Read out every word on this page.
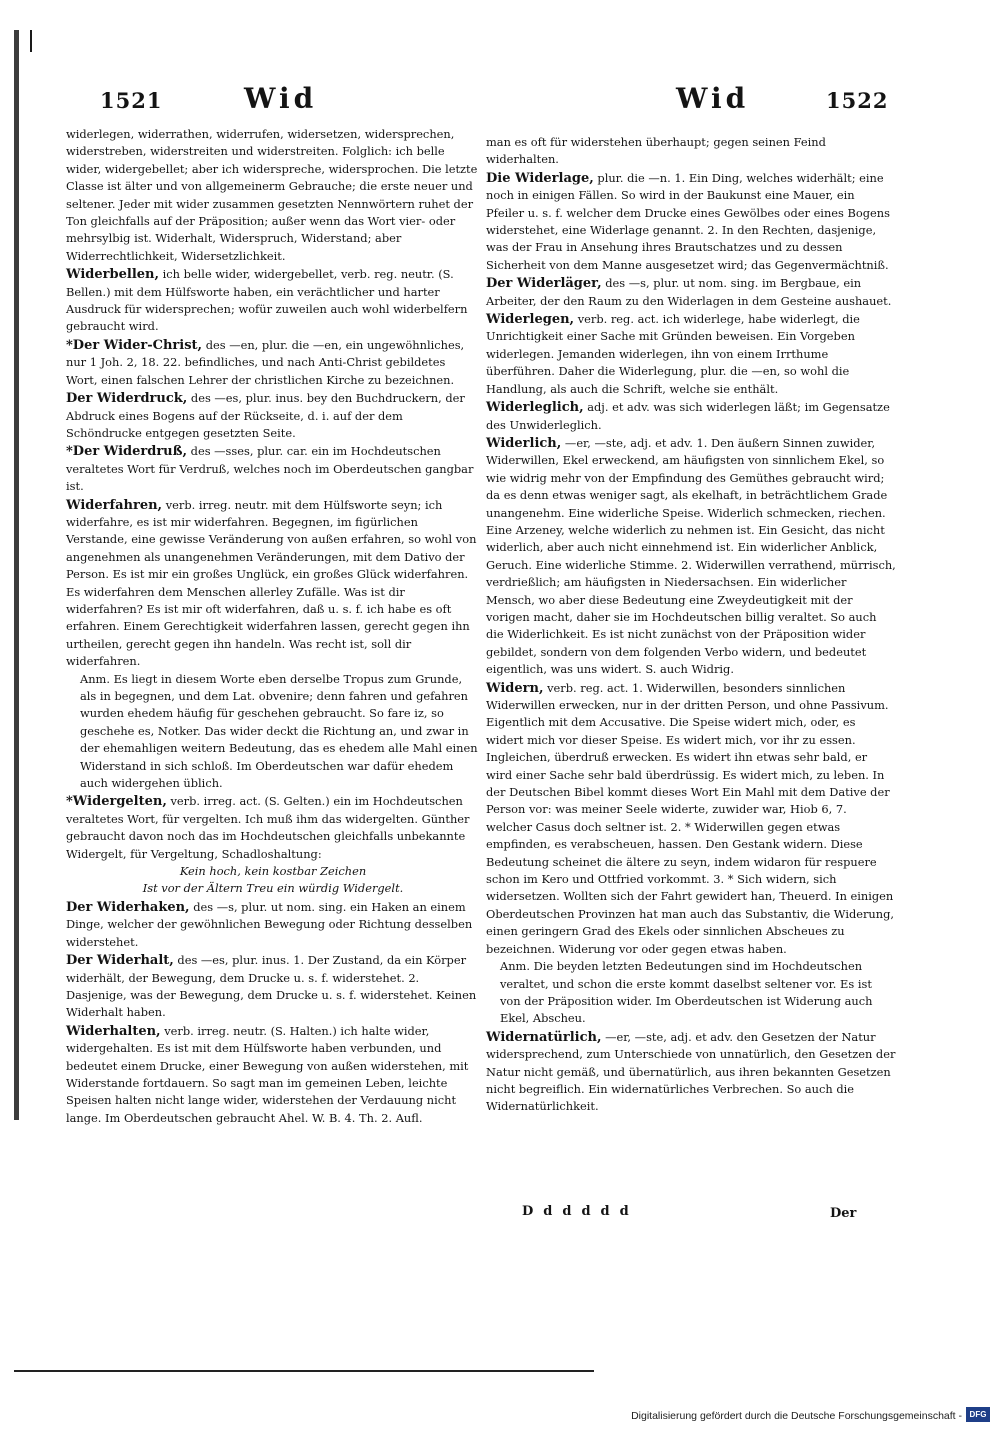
1521	Wid	Wid	1522

widerlegen, widerrathen, widerrufen, widersetzen, widersprechen, widerstreben, widerstreiten und widerstreiten. Folglich: ich belle wider, widergebellet; aber ich widerspreche, widersprochen. Die letzte Classe ist älter und von allgemeinerm Gebrauche; die erste neuer und seltener. Jeder mit wider zusammen gesetzten Nennwörtern ruhet der Ton gleichfalls auf der Präposition; außer wenn das Wort vier- oder mehrsylbig ist. Widerhalt, Widerspruch, Widerstand; aber Widerrechtlichkeit, Widersetzlichkeit.

Widerbellen, ich belle wider, widergebellet, verb. reg. neutr. (S. Bellen.) mit dem Hülfsworte haben, ein verächtlicher und harter Ausdruck für widersprechen; wofür zuweilen auch wohl widerbelfern gebraucht wird.

*Der Wider-Christ, des —en, plur. die —en, ein ungewöhnliches, nur 1 Joh. 2, 18. 22. befindliches, und nach Anti-Christ gebildetes Wort, einen falschen Lehrer der christlichen Kirche zu bezeichnen.

Der Widerdruck, des —es, plur. inus. bey den Buchdruckern, der Abdruck eines Bogens auf der Rückseite, d. i. auf der dem Schöndrucke entgegen gesetzten Seite.

*Der Widerdruß, des —sses, plur. car. ein im Hochdeutschen veraltetes Wort für Verdruß, welches noch im Oberdeutschen gangbar ist.

Widerfahren, verb. irreg. neutr. mit dem Hülfsworte seyn; ich widerfahre, es ist mir widerfahren. Begegnen, im figürlichen Verstande, eine gewisse Veränderung von außen erfahren, so wohl von angenehmen als unangenehmen Veränderungen, mit dem Dativo der Person. Es ist mir ein großes Unglück, ein großes Glück widerfahren. Es widerfahren dem Menschen allerley Zufälle. Was ist dir widerfahren? Es ist mir oft widerfahren, daß u. s. f. ich habe es oft erfahren. Einem Gerechtigkeit widerfahren lassen, gerecht gegen ihn urtheilen, gerecht gegen ihn handeln. Was recht ist, soll dir widerfahren.

Anm. Es liegt in diesem Worte eben derselbe Tropus zum Grunde, als in begegnen, und dem Lat. obvenire; denn fahren und gefahren wurden ehedem häufig für geschehen gebraucht. So fare iz, so geschehe es, Notker. Das wider deckt die Richtung an, und zwar in der ehemahligen weitern Bedeutung, das es ehedem alle Mahl einen Widerstand in sich schloß. Im Oberdeutschen war dafür ehedem auch widergehen üblich.

*Widergelten, verb. irreg. act. (S. Gelten.) ein im Hochdeutschen veraltetes Wort, für vergelten. Ich muß ihm das widergelten. Günther gebraucht davon noch das im Hochdeutschen gleichfalls unbekannte Widergelt, für Vergeltung, Schadloshaltung:

Kein hoch, kein kostbar Zeichen

Ist vor der Ältern Treu ein würdig Widergelt.

Der Widerhaken, des —s, plur. ut nom. sing. ein Haken an einem Dinge, welcher der gewöhnlichen Bewegung oder Richtung desselben widerstehet.

Der Widerhalt, des —es, plur. inus. 1. Der Zustand, da ein Körper widerhält, der Bewegung, dem Drucke u. s. f. widerstehet. 2. Dasjenige, was der Bewegung, dem Drucke u. s. f. widerstehet. Keinen Widerhalt haben.

Widerhalten, verb. irreg. neutr. (S. Halten.) ich halte wider, widergehalten. Es ist mit dem Hülfsworte haben verbunden, und bedeutet einem Drucke, einer Bewegung von außen widerstehen, mit Widerstande fortdauern. So sagt man im gemeinen Leben, leichte Speisen halten nicht lange wider, widerstehen der Verdauung nicht lange. Im Oberdeutschen gebraucht Ahel. W. B. 4. Th. 2. Aufl.

man es oft für widerstehen überhaupt; gegen seinen Feind widerhalten.

Die Widerlage, plur. die —n. 1. Ein Ding, welches widerhält; eine noch in einigen Fällen. So wird in der Baukunst eine Mauer, ein Pfeiler u. s. f. welcher dem Drucke eines Gewölbes oder eines Bogens widerstehet, eine Widerlage genannt. 2. In den Rechten, dasjenige, was der Frau in Ansehung ihres Brautschatzes und zu dessen Sicherheit von dem Manne ausgesetzet wird; das Gegenvermächtniß.

Der Widerläger, des —s, plur. ut nom. sing. im Bergbaue, ein Arbeiter, der den Raum zu den Widerlagen in dem Gesteine aushauet.

Widerlegen, verb. reg. act. ich widerlege, habe widerlegt, die Unrichtigkeit einer Sache mit Gründen beweisen. Ein Vorgeben widerlegen. Jemanden widerlegen, ihn von einem Irrthume überführen. Daher die Widerlegung, plur. die —en, so wohl die Handlung, als auch die Schrift, welche sie enthält.

Widerleglich, adj. et adv. was sich widerlegen läßt; im Gegensatze des Unwiderleglich.

Widerlich, —er, —ste, adj. et adv. 1. Den äußern Sinnen zuwider, Widerwillen, Ekel erweckend, am häufigsten von sinnlichem Ekel, so wie widrig mehr von der Empfindung des Gemüthes gebraucht wird; da es denn etwas weniger sagt, als ekelhaft, in beträchtlichem Grade unangenehm. Eine widerliche Speise. Widerlich schmecken, riechen. Eine Arzeney, welche widerlich zu nehmen ist. Ein Gesicht, das nicht widerlich, aber auch nicht einnehmend ist. Ein widerlicher Anblick, Geruch. Eine widerliche Stimme. 2. Widerwillen verrathend, mürrisch, verdrießlich; am häufigsten in Niedersachsen. Ein widerlicher Mensch, wo aber diese Bedeutung eine Zweydeutigkeit mit der vorigen macht, daher sie im Hochdeutschen billig veraltet. So auch die Widerlichkeit. Es ist nicht zunächst von der Präposition wider gebildet, sondern von dem folgenden Verbo widern, und bedeutet eigentlich, was uns widert. S. auch Widrig.

Widern, verb. reg. act. 1. Widerwillen, besonders sinnlichen Widerwillen erwecken, nur in der dritten Person, und ohne Passivum. Eigentlich mit dem Accusative. Die Speise widert mich, oder, es widert mich vor dieser Speise. Es widert mich, vor ihr zu essen. Ingleichen, überdruß erwecken. Es widert ihn etwas sehr bald, er wird einer Sache sehr bald überdrüssig. Es widert mich, zu leben. In der Deutschen Bibel kommt dieses Wort Ein Mahl mit dem Dative der Person vor: was meiner Seele widerte, zuwider war, Hiob 6, 7. welcher Casus doch seltner ist. 2. * Widerwillen gegen etwas empfinden, es verabscheuen, hassen. Den Gestank widern. Diese Bedeutung scheinet die ältere zu seyn, indem widaron für respuere schon im Kero und Ottfried vorkommt. 3. * Sich widern, sich widersetzen. Wollten sich der Fahrt gewidert han, Theuerd. In einigen Oberdeutschen Provinzen hat man auch das Substantiv, die Widerung, einen geringern Grad des Ekels oder sinnlichen Abscheues zu bezeichnen. Widerung vor oder gegen etwas haben.

Anm. Die beyden letzten Bedeutungen sind im Hochdeutschen veraltet, und schon die erste kommt daselbst seltener vor. Es ist von der Präposition wider. Im Oberdeutschen ist Widerung auch Ekel, Abscheu.

Widernatürlich, —er, —ste, adj. et adv. den Gesetzen der Natur widersprechend, zum Unterschiede von unnatürlich, den Gesetzen der Natur nicht gemäß, und übernatürlich, aus ihren bekannten Gesetzen nicht begreiflich. Ein widernatürliches Verbrechen. So auch die Widernatürlichkeit.

Dddddd	Der
Digitalisierung gefördert durch die Deutsche Forschungsgemeinschaft - DFG
